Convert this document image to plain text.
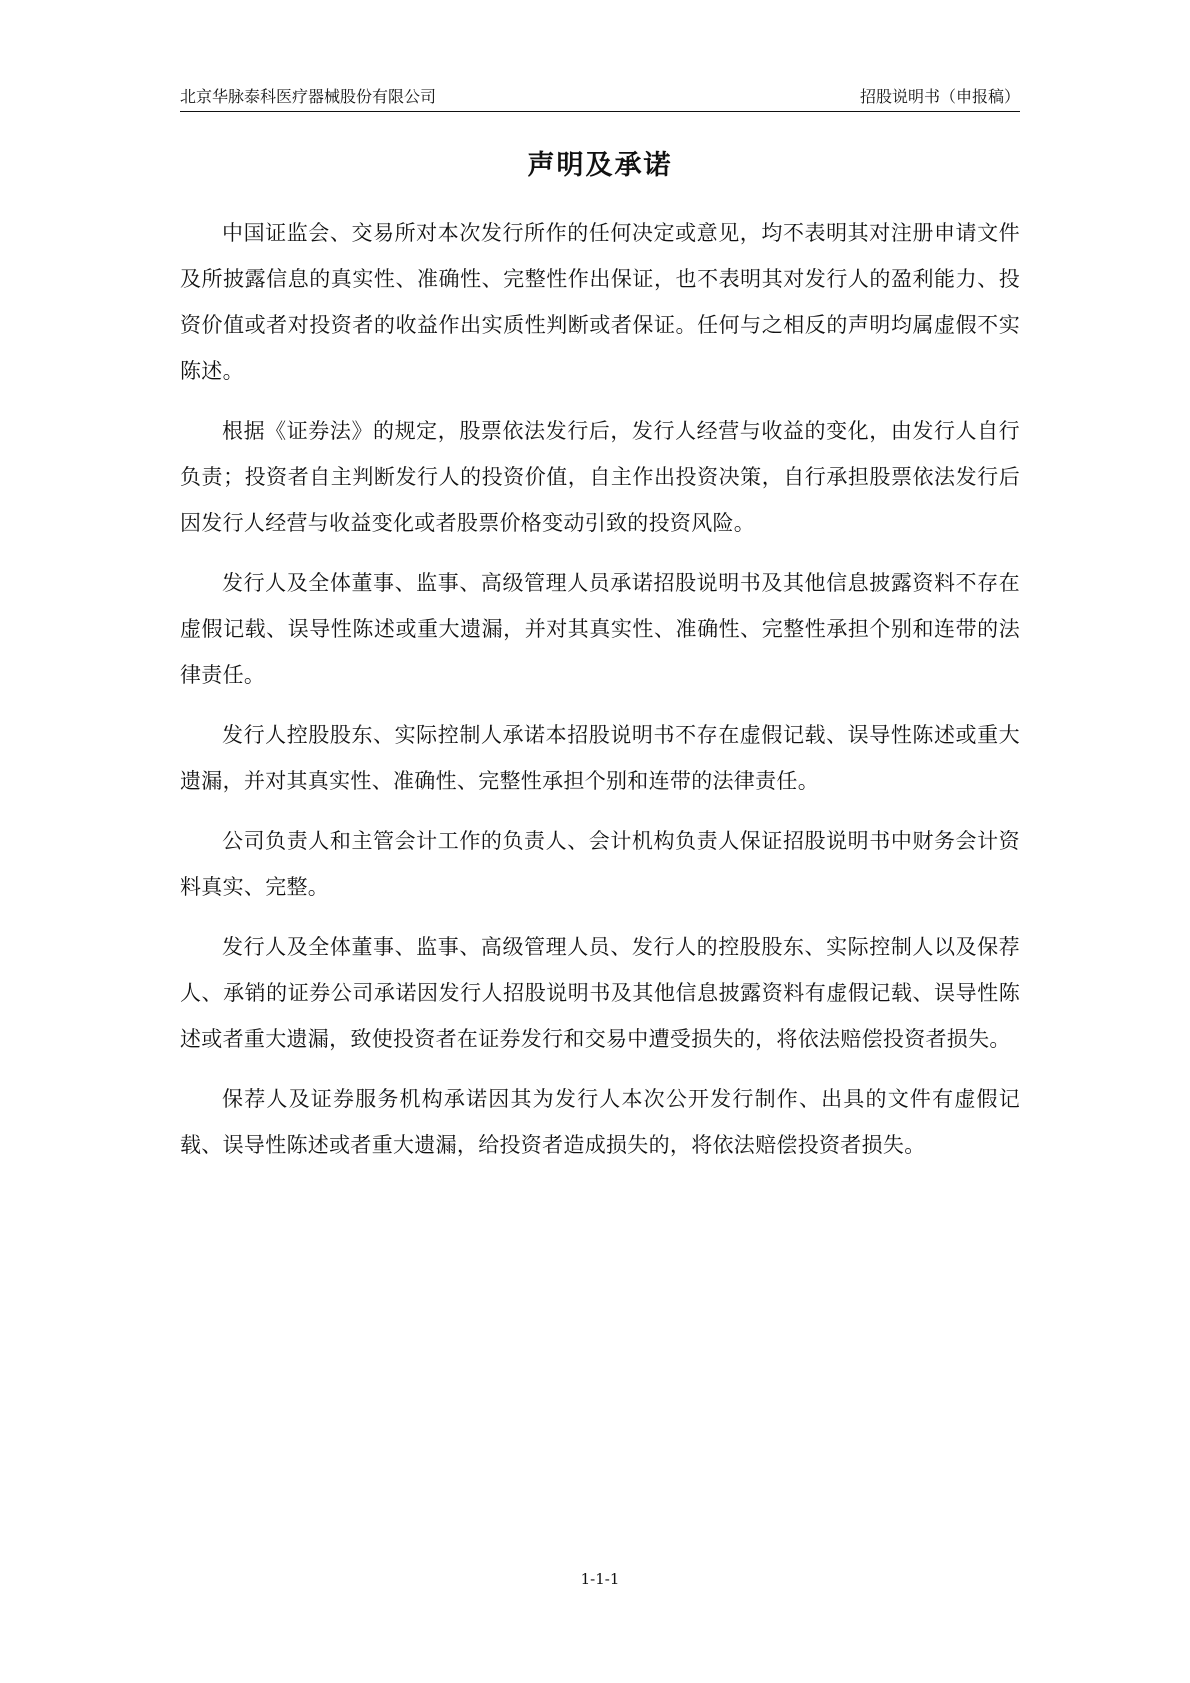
北京华脉泰科医疗器械股份有限公司	招股说明书（申报稿）
声明及承诺

中国证监会、交易所对本次发行所作的任何决定或意见，均不表明其对注册申请文件及所披露信息的真实性、准确性、完整性作出保证，也不表明其对发行人的盈利能力、投资价值或者对投资者的收益作出实质性判断或者保证。任何与之相反的声明均属虚假不实陈述。

根据《证券法》的规定，股票依法发行后，发行人经营与收益的变化，由发行人自行负责；投资者自主判断发行人的投资价值，自主作出投资决策，自行承担股票依法发行后因发行人经营与收益变化或者股票价格变动引致的投资风险。

发行人及全体董事、监事、高级管理人员承诺招股说明书及其他信息披露资料不存在虚假记载、误导性陈述或重大遗漏，并对其真实性、准确性、完整性承担个别和连带的法律责任。

发行人控股股东、实际控制人承诺本招股说明书不存在虚假记载、误导性陈述或重大遗漏，并对其真实性、准确性、完整性承担个别和连带的法律责任。

公司负责人和主管会计工作的负责人、会计机构负责人保证招股说明书中财务会计资料真实、完整。

发行人及全体董事、监事、高级管理人员、发行人的控股股东、实际控制人以及保荐人、承销的证券公司承诺因发行人招股说明书及其他信息披露资料有虚假记载、误导性陈述或者重大遗漏，致使投资者在证券发行和交易中遭受损失的，将依法赔偿投资者损失。

保荐人及证券服务机构承诺因其为发行人本次公开发行制作、出具的文件有虚假记载、误导性陈述或者重大遗漏，给投资者造成损失的，将依法赔偿投资者损失。

1-1-1
